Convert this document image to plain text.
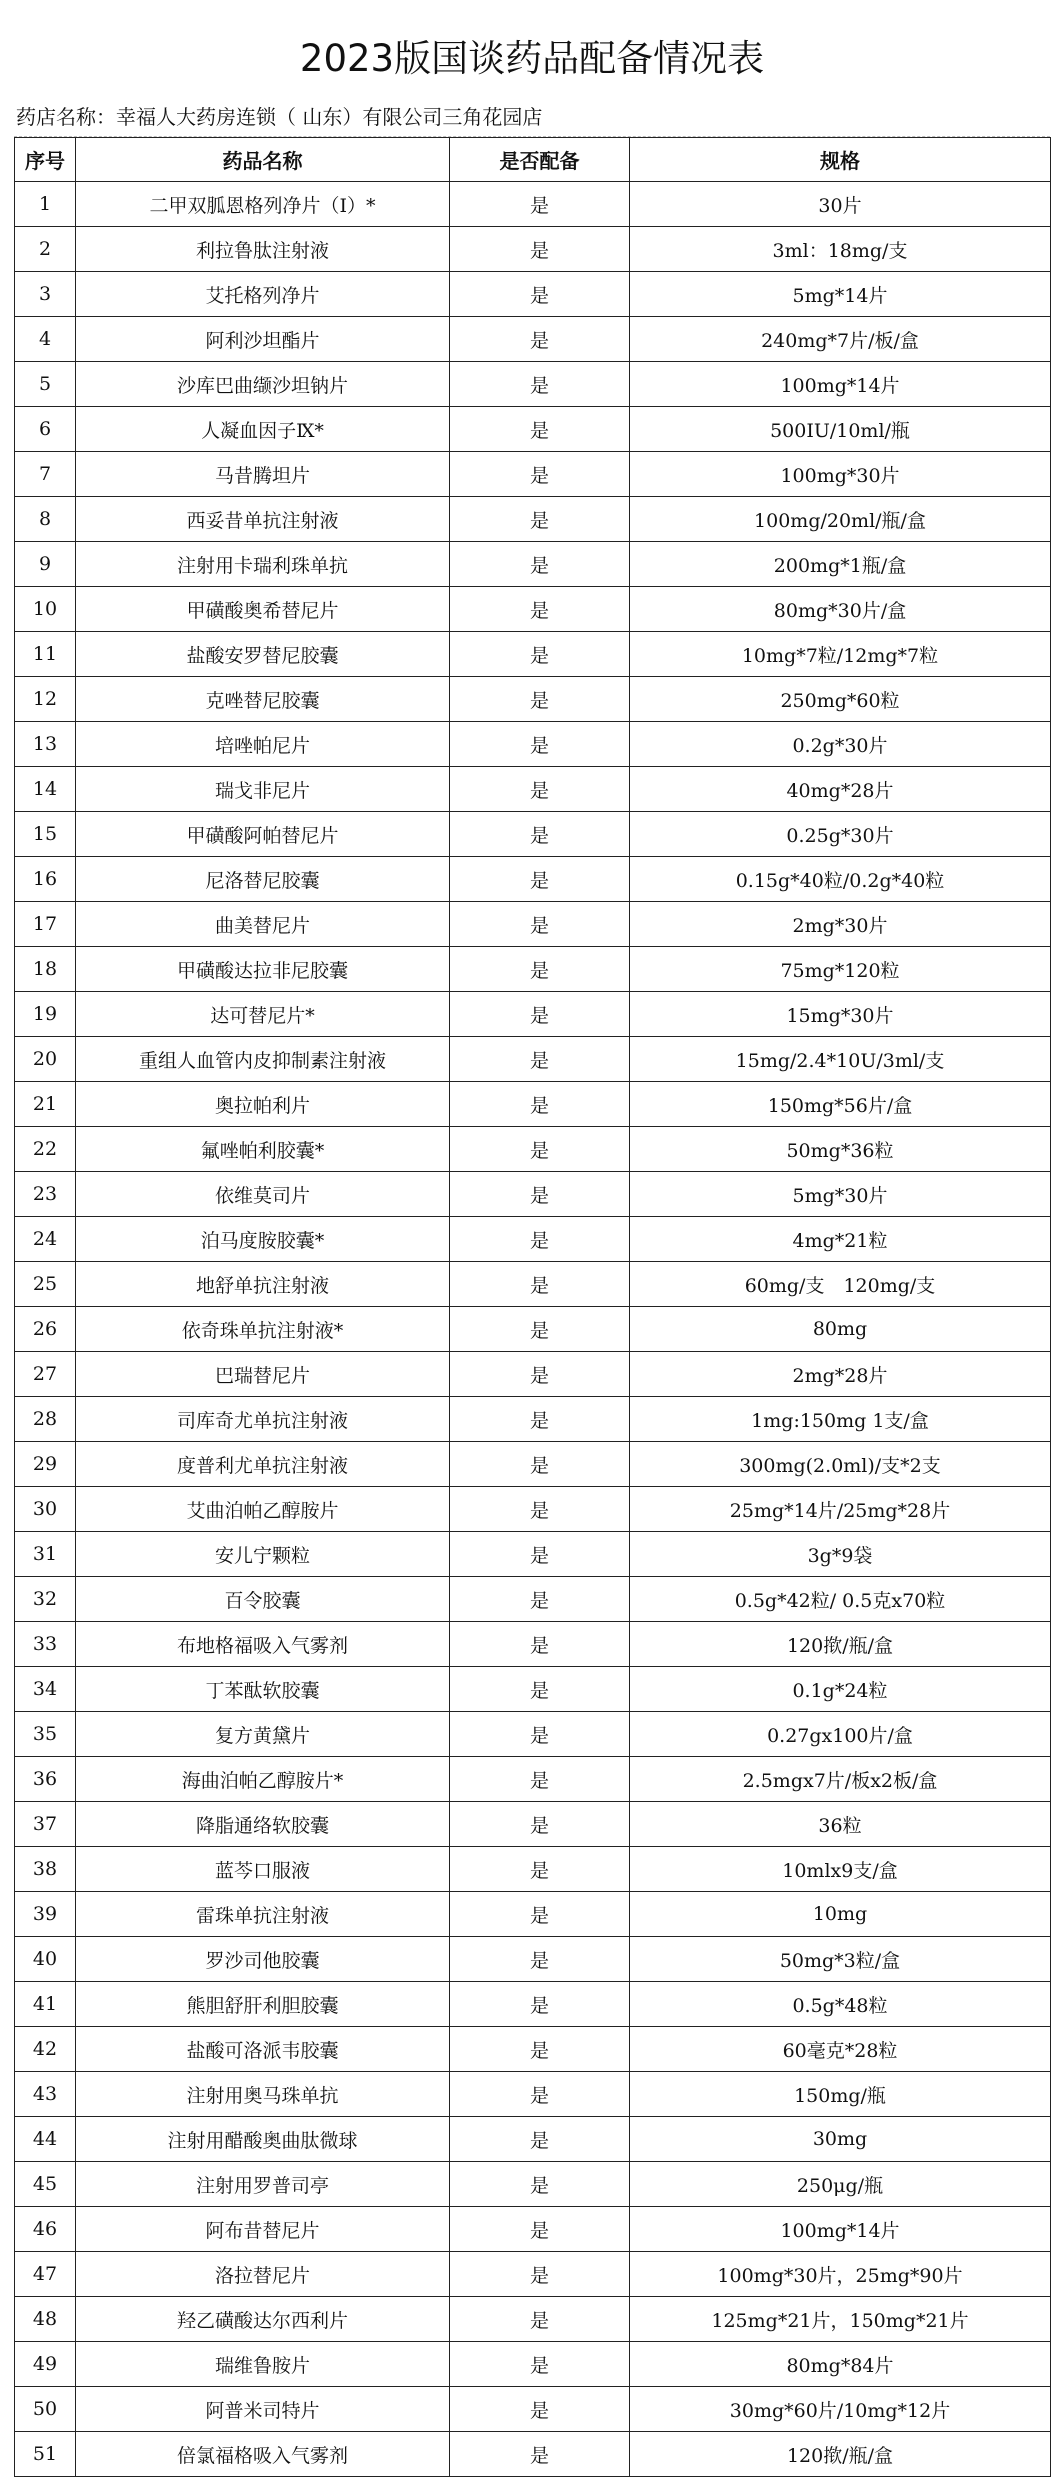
2023版国谈药品配备情况表
药店名称：幸福人大药房连锁（ 山东）有限公司三角花园店
序号	药品名称	是否配备	规格
1	二甲双胍恩格列净片（Ⅰ）*	是	30片
2	利拉鲁肽注射液	是	3ml：18mg/支
3	艾托格列净片	是	5mg*14片
4	阿利沙坦酯片	是	240mg*7片/板/盒
5	沙库巴曲缬沙坦钠片	是	100mg*14片
6	人凝血因子Ⅸ*	是	500IU/10ml/瓶
7	马昔腾坦片	是	100mg*30片
8	西妥昔单抗注射液	是	100mg/20ml/瓶/盒
9	注射用卡瑞利珠单抗	是	200mg*1瓶/盒
10	甲磺酸奥希替尼片	是	80mg*30片/盒
11	盐酸安罗替尼胶囊	是	10mg*7粒/12mg*7粒
12	克唑替尼胶囊	是	250mg*60粒
13	培唑帕尼片	是	0.2g*30片
14	瑞戈非尼片	是	40mg*28片
15	甲磺酸阿帕替尼片	是	0.25g*30片
16	尼洛替尼胶囊	是	0.15g*40粒/0.2g*40粒
17	曲美替尼片	是	2mg*30片
18	甲磺酸达拉非尼胶囊	是	75mg*120粒
19	达可替尼片*	是	15mg*30片
20	重组人血管内皮抑制素注射液	是	15mg/2.4*10U/3ml/支
21	奥拉帕利片	是	150mg*56片/盒
22	氟唑帕利胶囊*	是	50mg*36粒
23	依维莫司片	是	5mg*30片
24	泊马度胺胶囊*	是	4mg*21粒
25	地舒单抗注射液	是	60mg/支　120mg/支
26	依奇珠单抗注射液*	是	80mg
27	巴瑞替尼片	是	2mg*28片
28	司库奇尤单抗注射液	是	1mg:150mg 1支/盒
29	度普利尤单抗注射液	是	300mg(2.0ml)/支*2支
30	艾曲泊帕乙醇胺片	是	25mg*14片/25mg*28片
31	安儿宁颗粒	是	3g*9袋
32	百令胶囊	是	0.5g*42粒/ 0.5克x70粒
33	布地格福吸入气雾剂	是	120揿/瓶/盒
34	丁苯酞软胶囊	是	0.1g*24粒
35	复方黄黛片	是	0.27gx100片/盒
36	海曲泊帕乙醇胺片*	是	2.5mgx7片/板x2板/盒
37	降脂通络软胶囊	是	36粒
38	蓝芩口服液	是	10mlx9支/盒
39	雷珠单抗注射液	是	10mg
40	罗沙司他胶囊	是	50mg*3粒/盒
41	熊胆舒肝利胆胶囊	是	0.5g*48粒
42	盐酸可洛派韦胶囊	是	60毫克*28粒
43	注射用奥马珠单抗	是	150mg/瓶
44	注射用醋酸奥曲肽微球	是	30mg
45	注射用罗普司亭	是	250μg/瓶
46	阿布昔替尼片	是	100mg*14片
47	洛拉替尼片	是	100mg*30片，25mg*90片
48	羟乙磺酸达尔西利片	是	125mg*21片，150mg*21片
49	瑞维鲁胺片	是	80mg*84片
50	阿普米司特片	是	30mg*60片/10mg*12片
51	倍氯福格吸入气雾剂	是	120揿/瓶/盒
